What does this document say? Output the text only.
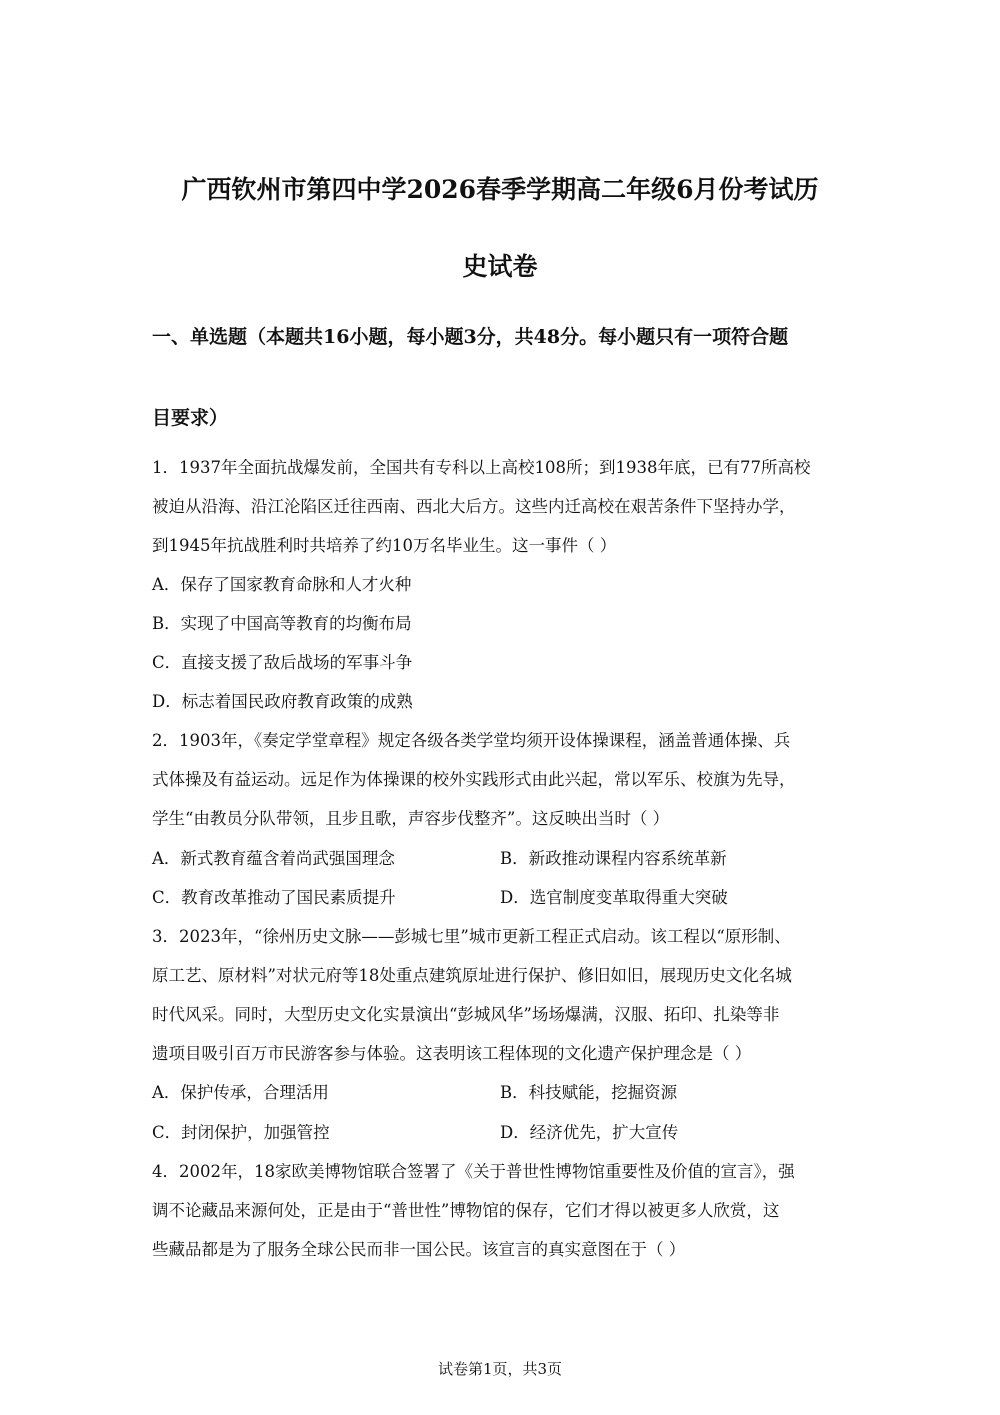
广西钦州市第四中学2026春季学期高二年级6月份考试历
史试卷
一、单选题（本题共16小题，每小题3分，共48分。每小题只有一项符合题
目要求）
1．1937年全面抗战爆发前，全国共有专科以上高校108所；到1938年底，已有77所高校
被迫从沿海、沿江沦陷区迁往西南、西北大后方。这些内迁高校在艰苦条件下坚持办学，
到1945年抗战胜利时共培养了约10万名毕业生。这一事件（ ）
A．保存了国家教育命脉和人才火种
B．实现了中国高等教育的均衡布局
C．直接支援了敌后战场的军事斗争
D．标志着国民政府教育政策的成熟
2．1903年，《奏定学堂章程》规定各级各类学堂均须开设体操课程，涵盖普通体操、兵
式体操及有益运动。远足作为体操课的校外实践形式由此兴起，常以军乐、校旗为先导，
学生“由教员分队带领，且步且歌，声容步伐整齐”。这反映出当时（ ）
A．新式教育蕴含着尚武强国理念	B．新政推动课程内容系统革新
C．教育改革推动了国民素质提升	D．选官制度变革取得重大突破
3．2023年，“徐州历史文脉——彭城七里”城市更新工程正式启动。该工程以“原形制、
原工艺、原材料”对状元府等18处重点建筑原址进行保护、修旧如旧，展现历史文化名城
时代风采。同时，大型历史文化实景演出“彭城风华”场场爆满，汉服、拓印、扎染等非
遗项目吸引百万市民游客参与体验。这表明该工程体现的文化遗产保护理念是（ ）
A．保护传承，合理活用	B．科技赋能，挖掘资源
C．封闭保护，加强管控	D．经济优先，扩大宣传
4．2002年，18家欧美博物馆联合签署了《关于普世性博物馆重要性及价值的宣言》，强
调不论藏品来源何处，正是由于“普世性”博物馆的保存，它们才得以被更多人欣赏，这
些藏品都是为了服务全球公民而非一国公民。该宣言的真实意图在于（ ）
试卷第1页，共3页
